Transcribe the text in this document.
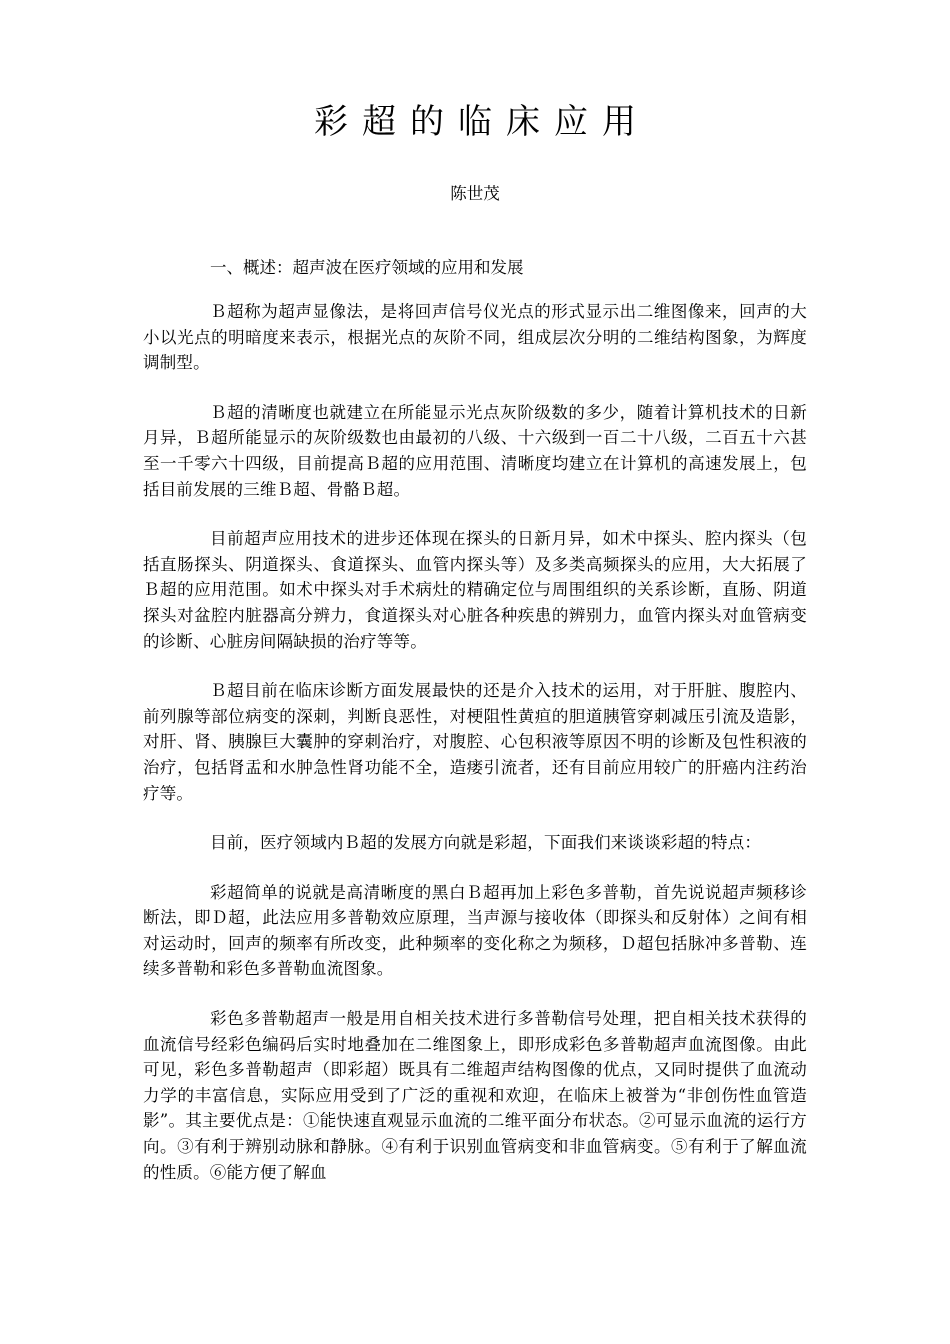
彩超的临床应用
陈世茂
一、概述：超声波在医疗领域的应用和发展

Ｂ超称为超声显像法，是将回声信号仪光点的形式显示出二维图像来，回声的大小以光点的明暗度来表示，根据光点的灰阶不同，组成层次分明的二维结构图象，为辉度调制型。

Ｂ超的清晰度也就建立在所能显示光点灰阶级数的多少，随着计算机技术的日新月异，Ｂ超所能显示的灰阶级数也由最初的八级、十六级到一百二十八级，二百五十六甚至一千零六十四级，目前提高Ｂ超的应用范围、清晰度均建立在计算机的高速发展上，包括目前发展的三维Ｂ超、骨骼Ｂ超。

目前超声应用技术的进步还体现在探头的日新月异，如术中探头、腔内探头（包括直肠探头、阴道探头、食道探头、血管内探头等）及多类高频探头的应用，大大拓展了Ｂ超的应用范围。如术中探头对手术病灶的精确定位与周围组织的关系诊断，直肠、阴道探头对盆腔内脏器高分辨力，食道探头对心脏各种疾患的辨别力，血管内探头对血管病变的诊断、心脏房间隔缺损的治疗等等。

Ｂ超目前在临床诊断方面发展最快的还是介入技术的运用，对于肝脏、腹腔内、前列腺等部位病变的深刺，判断良恶性，对梗阻性黄疸的胆道胰管穿刺减压引流及造影，对肝、肾、胰腺巨大囊肿的穿刺治疗，对腹腔、心包积液等原因不明的诊断及包性积液的治疗，包括肾盂和水肿急性肾功能不全，造瘘引流者，还有目前应用较广的肝癌内注药治疗等。

目前，医疗领域内Ｂ超的发展方向就是彩超，下面我们来谈谈彩超的特点：

彩超简单的说就是高清晰度的黑白Ｂ超再加上彩色多普勒，首先说说超声频移诊断法，即Ｄ超，此法应用多普勒效应原理，当声源与接收体（即探头和反射体）之间有相对运动时，回声的频率有所改变，此种频率的变化称之为频移，Ｄ超包括脉冲多普勒、连续多普勒和彩色多普勒血流图象。

彩色多普勒超声一般是用自相关技术进行多普勒信号处理，把自相关技术获得的血流信号经彩色编码后实时地叠加在二维图象上，即形成彩色多普勒超声血流图像。由此可见，彩色多普勒超声（即彩超）既具有二维超声结构图像的优点，又同时提供了血流动力学的丰富信息，实际应用受到了广泛的重视和欢迎，在临床上被誉为“非创伤性血管造影”。其主要优点是：①能快速直观显示血流的二维平面分布状态。②可显示血流的运行方向。③有利于辨别动脉和静脉。④有利于识别血管病变和非血管病变。⑤有利于了解血流的性质。⑥能方便了解血
